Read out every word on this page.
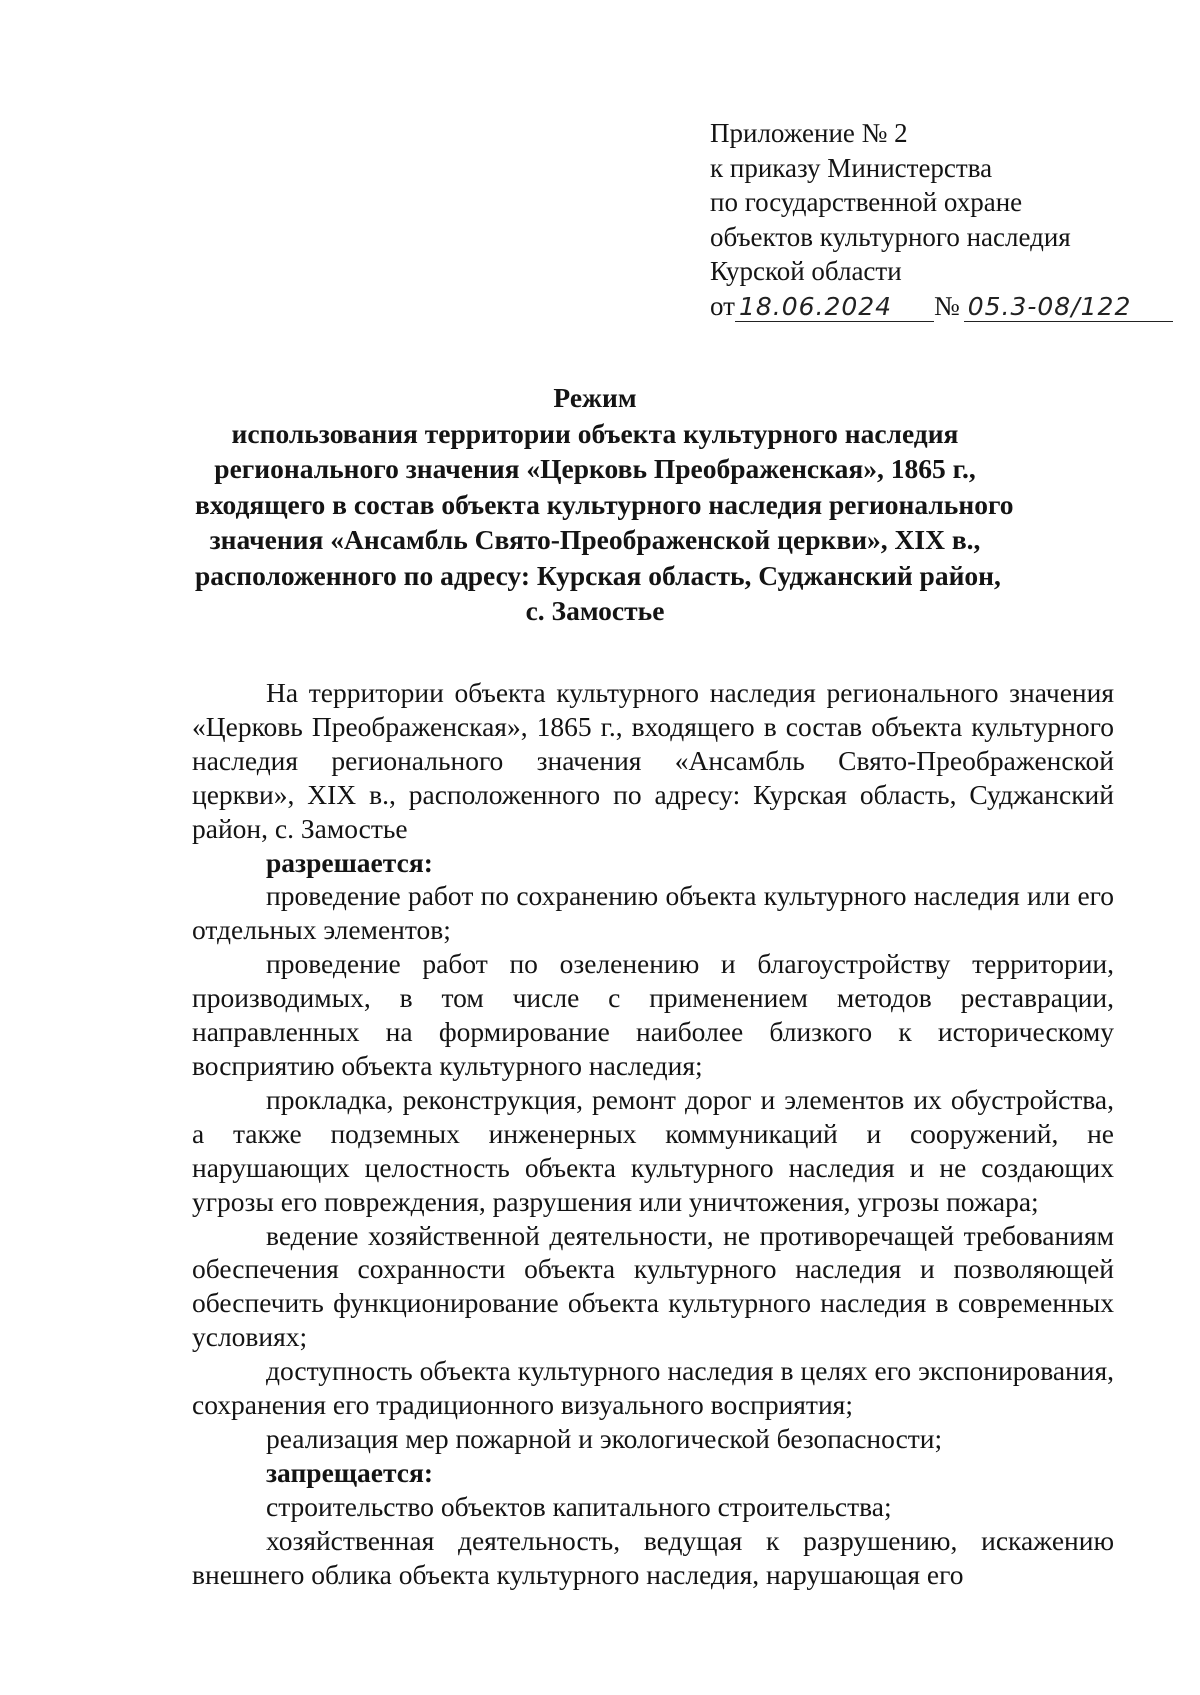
Приложение № 2
к приказу Министерства
по государственной охране
объектов культурного наследия
Курской области
от 18.06.2024 № 05.3-08/122
Режим
использования территории объекта культурного наследия
регионального значения «Церковь Преображенская», 1865 г.,
входящего в состав объекта культурного наследия регионального
значения «Ансамбль Свято-Преображенской церкви», XIX в.,
расположенного по адресу: Курская область, Суджанский район,
с. Замостье

На территории объекта культурного наследия регионального значения «Церковь Преображенская», 1865 г., входящего в состав объекта культурного наследия регионального значения «Ансамбль Свято-Преображенской церкви», XIX в., расположенного по адресу: Курская область, Суджанский район, с. Замостье

разрешается:

проведение работ по сохранению объекта культурного наследия или его отдельных элементов;

проведение работ по озеленению и благоустройству территории, производимых, в том числе с применением методов реставрации, направленных на формирование наиболее близкого к историческому восприятию объекта культурного наследия;

прокладка, реконструкция, ремонт дорог и элементов их обустройства, а также подземных инженерных коммуникаций и сооружений, не нарушающих целостность объекта культурного наследия и не создающих угрозы его повреждения, разрушения или уничтожения, угрозы пожара;

ведение хозяйственной деятельности, не противоречащей требованиям обеспечения сохранности объекта культурного наследия и позволяющей обеспечить функционирование объекта культурного наследия в современных условиях;

доступность объекта культурного наследия в целях его экспонирования, сохранения его традиционного визуального восприятия;

реализация мер пожарной и экологической безопасности;

запрещается:

строительство объектов капитального строительства;

хозяйственная деятельность, ведущая к разрушению, искажению внешнего облика объекта культурного наследия, нарушающая его
